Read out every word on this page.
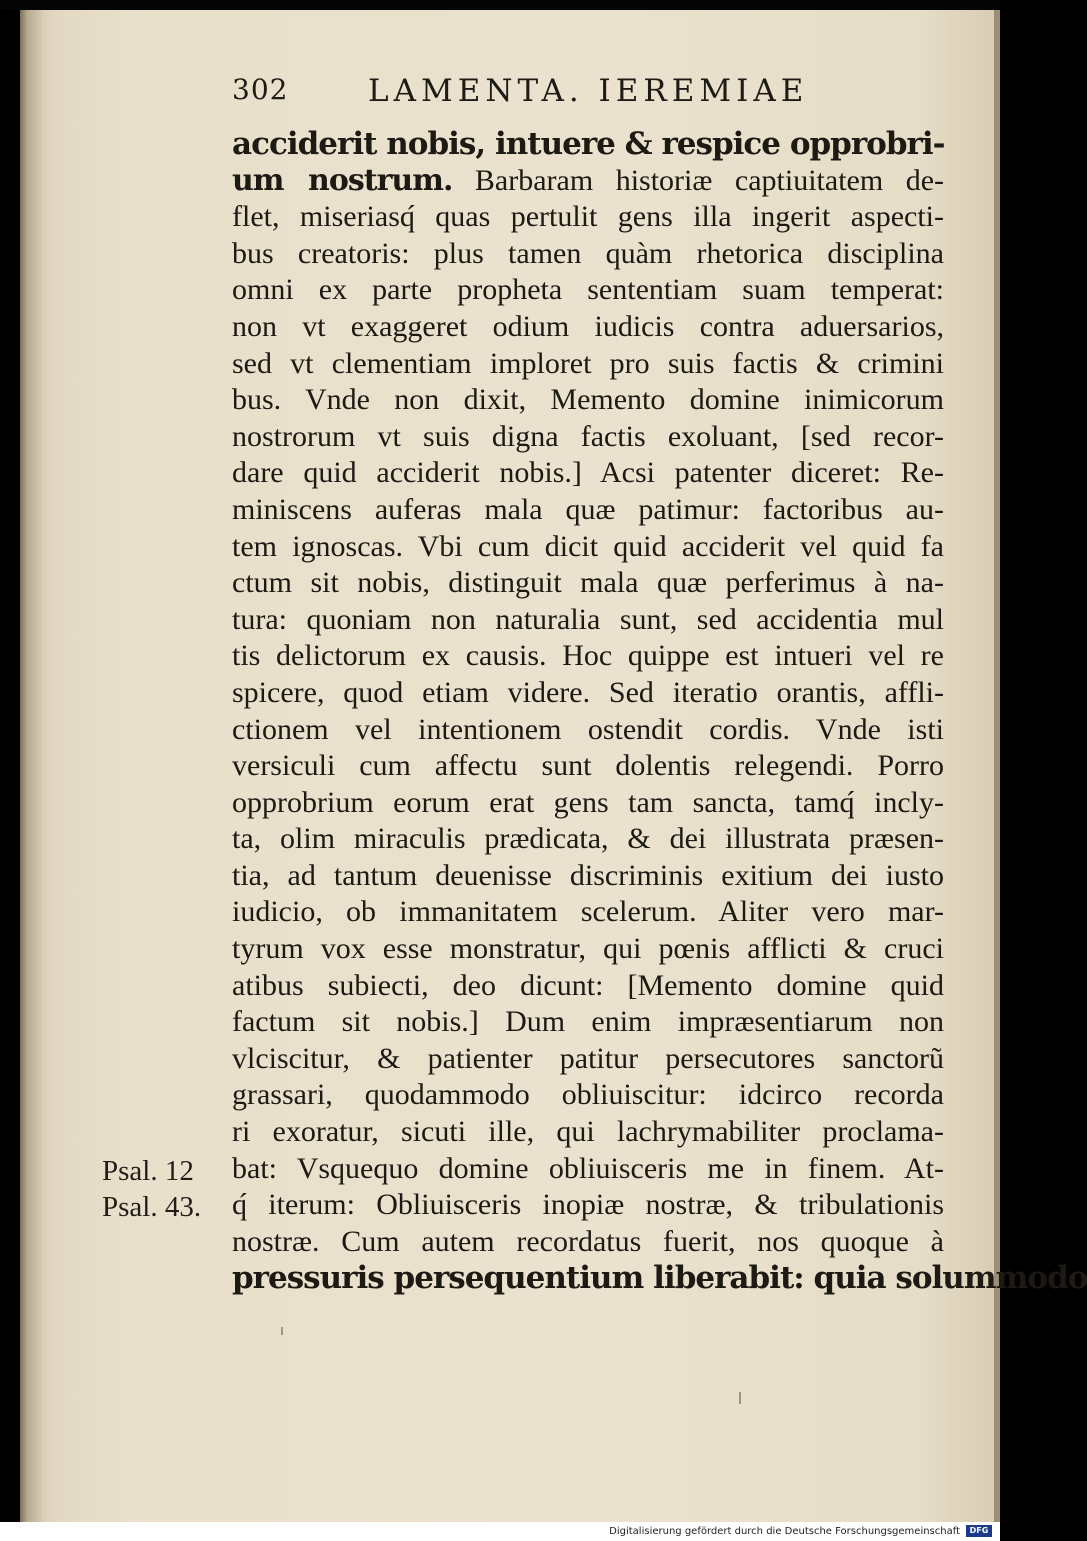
302	LAMENTA. IEREMIAE
acciderit nobis, intuere & respice opprobri-
um nostrum. Barbaram historiæ captiuitatem de-
flet, miseriasq́ quas pertulit gens illa ingerit aspecti-
bus creatoris: plus tamen quàm rhetorica disciplina
omni ex parte propheta sententiam suam temperat:
non vt exaggeret odium iudicis contra aduersarios,
sed vt clementiam imploret pro suis factis & crimini
bus. Vnde non dixit, Memento domine inimicorum
nostrorum vt suis digna factis exoluant, [sed recor-
dare quid acciderit nobis.] Acsi patenter diceret: Re-
miniscens auferas mala quæ patimur: factoribus au-
tem ignoscas. Vbi cum dicit quid acciderit vel quid fa
ctum sit nobis, distinguit mala quæ perferimus à na-
tura: quoniam non naturalia sunt, sed accidentia mul
tis delictorum ex causis. Hoc quippe est intueri vel re
spicere, quod etiam videre. Sed iteratio orantis, affli-
ctionem vel intentionem ostendit cordis. Vnde isti
versiculi cum affectu sunt dolentis relegendi. Porro
opprobrium eorum erat gens tam sancta, tamq́ incly-
ta, olim miraculis prædicata, & dei illustrata præsen-
tia, ad tantum deuenisse discriminis exitium dei iusto
iudicio, ob immanitatem scelerum. Aliter vero mar-
tyrum vox esse monstratur, qui pœnis afflicti & cruci
atibus subiecti, deo dicunt: [Memento domine quid
factum sit nobis.] Dum enim impræsentiarum non
vlciscitur, & patienter patitur persecutores sanctorũ
grassari, quodammodo obliuiscitur: idcirco recorda
ri exoratur, sicuti ille, qui lachrymabiliter proclama-
bat: Vsquequo domine obliuisceris me in finem. At-
q́ iterum: Obliuisceris inopiæ nostræ, & tribulationis
nostræ. Cum autem recordatus fuerit, nos quoque à
pressuris persequentium liberabit: quia solummodo
Psal. 12
Psal. 43.
Digitalisierung gefördert durch die Deutsche Forschungsgemeinschaft	DFG
